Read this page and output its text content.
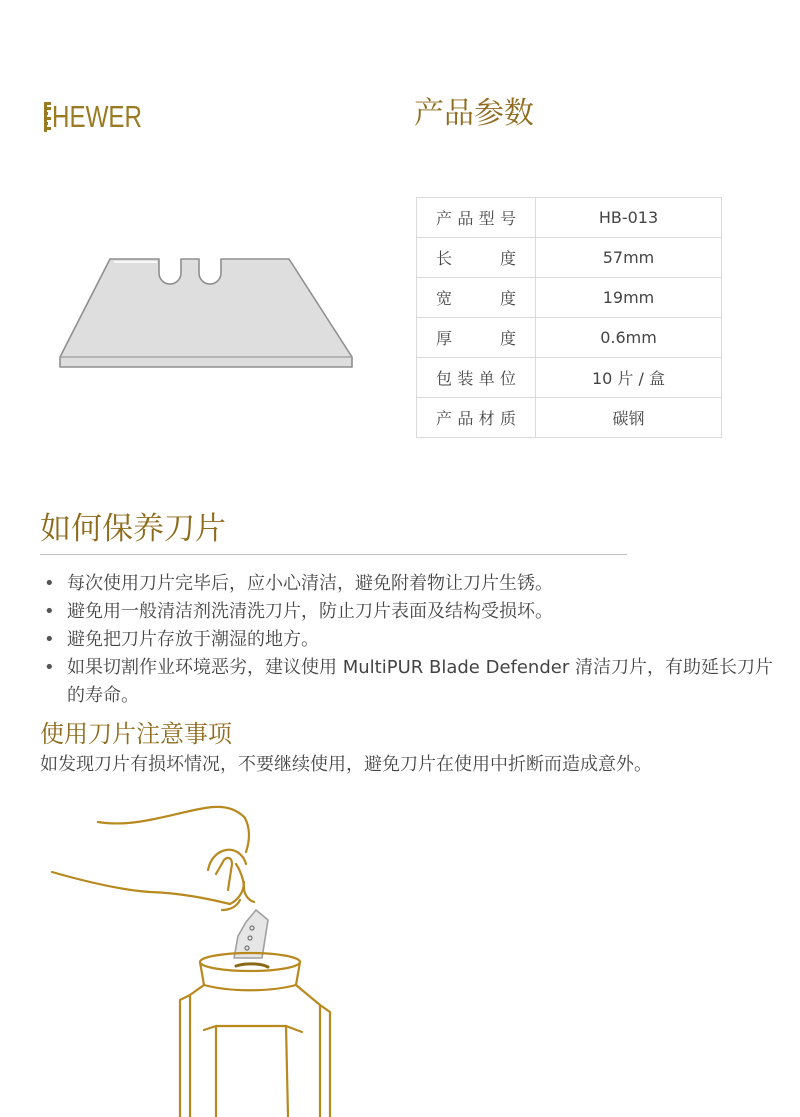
HEWER	产品参数
产品型号	HB-013
长 度	57mm
宽 度	19mm
厚 度	0.6mm
包装单位	10 片 / 盒
产品材质	碳钢
如何保养刀片
• 每次使用刀片完毕后，应小心清洁，避免附着物让刀片生锈。
• 避免用一般清洁剂洗清洗刀片，防止刀片表面及结构受损坏。
• 避免把刀片存放于潮湿的地方。
• 如果切割作业环境恶劣，建议使用 MultiPUR Blade Defender 清洁刀片，有助延长刀片的寿命。
使用刀片注意事项
如发现刀片有损坏情况，不要继续使用，避免刀片在使用中折断而造成意外。
